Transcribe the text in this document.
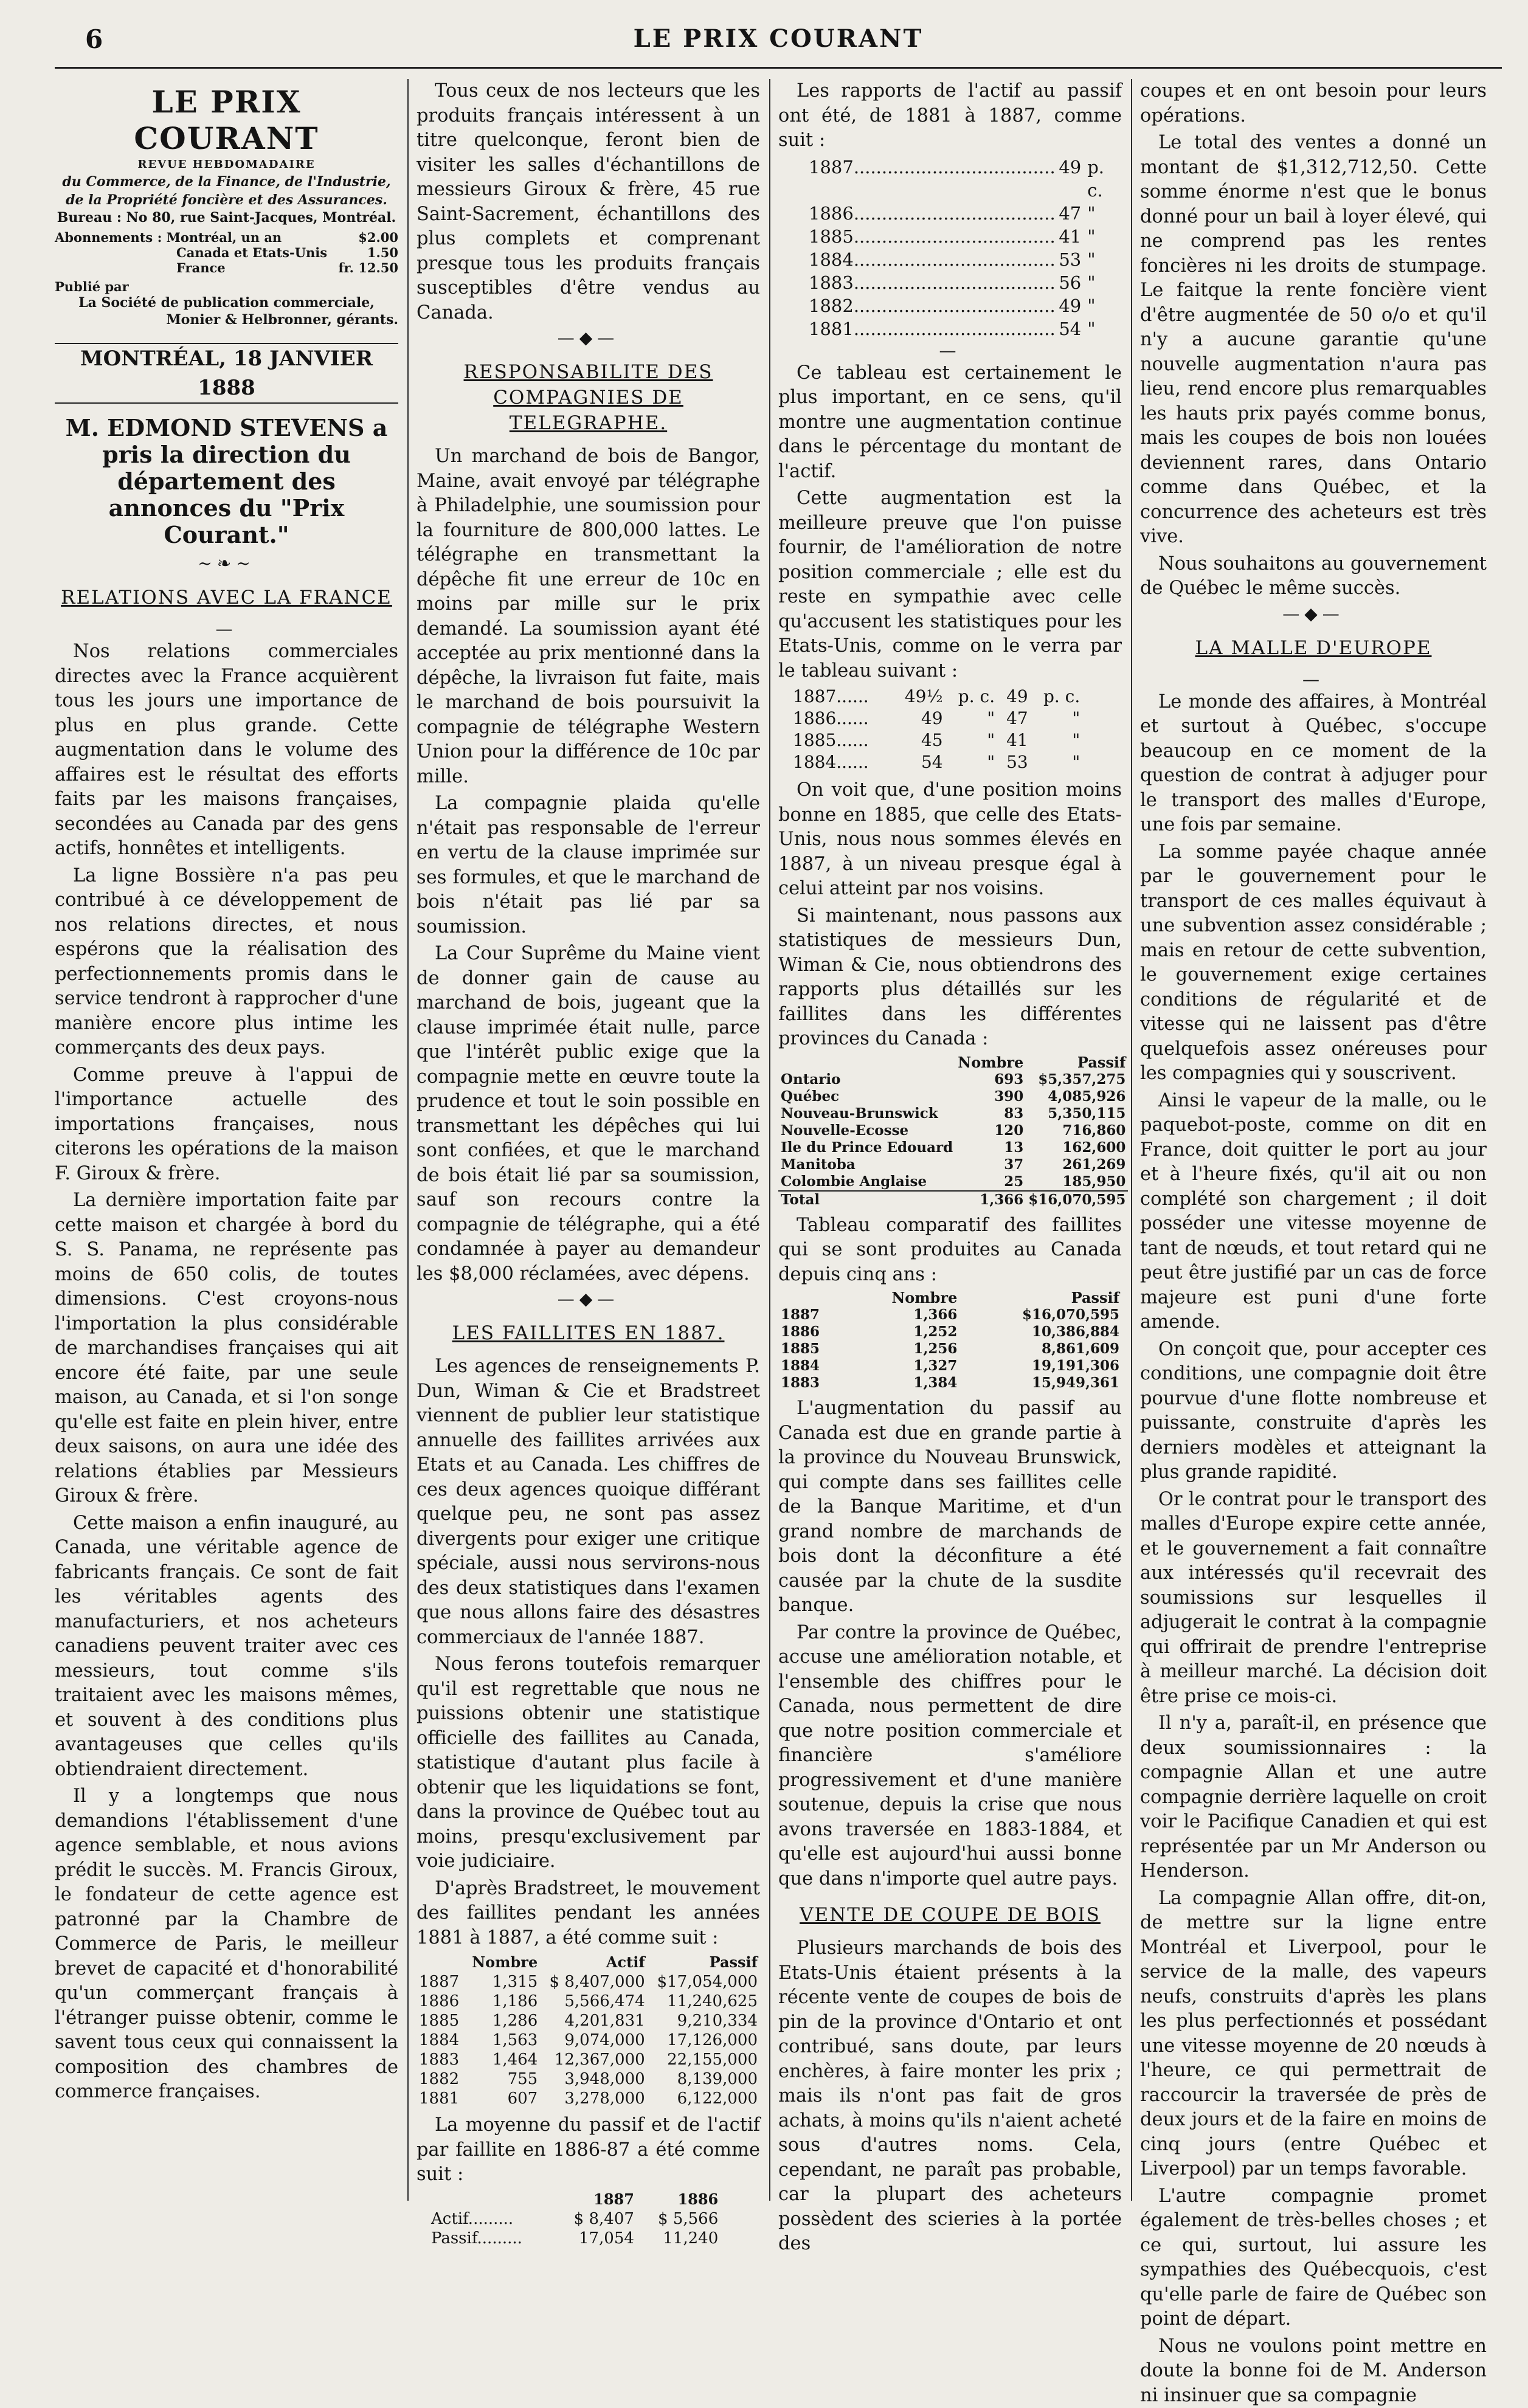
6	LE PRIX COURANT
LE PRIX COURANT
REVUE HEBDOMADAIRE
du Commerce, de la Finance, de l'Industrie, de la Propriété foncière et des Assurances.
Bureau : No 80, rue Saint-Jacques, Montréal.
Abonnements : Montréal, un an	$2.00
Canada et Etats-Unis	1.50
France	fr. 12.50
Publié par
La Société de publication commerciale,
Monier & Helbronner, gérants.
MONTRÉAL, 18 JANVIER 1888
M. EDMOND STEVENS a pris la direction du département des annonces du "Prix Courant."
~❧~
RELATIONS AVEC LA FRANCE
—

Nos relations commerciales directes avec la France acquièrent tous les jours une importance de plus en plus grande. Cette augmentation dans le volume des affaires est le résultat des efforts faits par les maisons françaises, secondées au Canada par des gens actifs, honnêtes et intelligents.

La ligne Bossière n'a pas peu contribué à ce développement de nos relations directes, et nous espérons que la réalisation des perfectionnements promis dans le service tendront à rapprocher d'une manière encore plus intime les commerçants des deux pays.

Comme preuve à l'appui de l'importance actuelle des importations françaises, nous citerons les opérations de la maison F. Giroux & frère.

La dernière importation faite par cette maison et chargée à bord du S. S. Panama, ne représente pas moins de 650 colis, de toutes dimensions. C'est croyons-nous l'importation la plus considérable de marchandises françaises qui ait encore été faite, par une seule maison, au Canada, et si l'on songe qu'elle est faite en plein hiver, entre deux saisons, on aura une idée des relations établies par Messieurs Giroux & frère.

Cette maison a enfin inauguré, au Canada, une véritable agence de fabricants français. Ce sont de fait les véritables agents des manufacturiers, et nos acheteurs canadiens peuvent traiter avec ces messieurs, tout comme s'ils traitaient avec les maisons mêmes, et souvent à des conditions plus avantageuses que celles qu'ils obtiendraient directement.

Il y a longtemps que nous demandions l'établissement d'une agence semblable, et nous avions prédit le succès. M. Francis Giroux, le fondateur de cette agence est patronné par la Chambre de Commerce de Paris, le meilleur brevet de capacité et d'honorabilité qu'un commerçant français à l'étranger puisse obtenir, comme le savent tous ceux qui connaissent la composition des chambres de commerce françaises.

Tous ceux de nos lecteurs que les produits français intéressent à un titre quelconque, feront bien de visiter les salles d'échantillons de messieurs Giroux & frère, 45 rue Saint-Sacrement, échantillons des plus complets et comprenant presque tous les produits français susceptibles d'être vendus au Canada.

—◆—
RESPONSABILITE DES COMPAGNIES DE TELEGRAPHE.

Un marchand de bois de Bangor, Maine, avait envoyé par télégraphe à Philadelphie, une soumission pour la fourniture de 800,000 lattes. Le télégraphe en transmettant la dépêche fit une erreur de 10c en moins par mille sur le prix demandé. La soumission ayant été acceptée au prix mentionné dans la dépêche, la livraison fut faite, mais le marchand de bois poursuivit la compagnie de télégraphe Western Union pour la différence de 10c par mille.

La compagnie plaida qu'elle n'était pas responsable de l'erreur en vertu de la clause imprimée sur ses formules, et que le marchand de bois n'était pas lié par sa soumission.

La Cour Suprême du Maine vient de donner gain de cause au marchand de bois, jugeant que la clause imprimée était nulle, parce que l'intérêt public exige que la compagnie mette en œuvre toute la prudence et tout le soin possible en transmettant les dépêches qui lui sont confiées, et que le marchand de bois était lié par sa soumission, sauf son recours contre la compagnie de télégraphe, qui a été condamnée à payer au demandeur les $8,000 réclamées, avec dépens.

—◆—
LES FAILLITES EN 1887.

Les agences de renseignements P. Dun, Wiman & Cie et Bradstreet viennent de publier leur statistique annuelle des faillites arrivées aux Etats et au Canada. Les chiffres de ces deux agences quoique différant quelque peu, ne sont pas assez divergents pour exiger une critique spéciale, aussi nous servirons-nous des deux statistiques dans l'examen que nous allons faire des désastres commerciaux de l'année 1887.

Nous ferons toutefois remarquer qu'il est regrettable que nous ne puissions obtenir une statistique officielle des faillites au Canada, statistique d'autant plus facile à obtenir que les liquidations se font, dans la province de Québec tout au moins, presqu'exclusivement par voie judiciaire.

D'après Bradstreet, le mouvement des faillites pendant les années 1881 à 1887, a été comme suit :

	Nombre	Actif	Passif
1887	1,315	$ 8,407,000	$17,054,000
1886	1,186	5,566,474	11,240,625
1885	1,286	4,201,831	9,210,334
1884	1,563	9,074,000	17,126,000
1883	1,464	12,367,000	22,155,000
1882	755	3,948,000	8,139,000
1881	607	3,278,000	6,122,000

La moyenne du passif et de l'actif par faillite en 1886-87 a été comme suit :

	1887	1886
Actif.........	$ 8,407	$ 5,566
Passif.........	17,054	11,240

Les rapports de l'actif au passif ont été, de 1881 à 1887, comme suit :

1887 .................................... 49 p. c.
1886 .................................... 47 "
1885 .................................... 41 "
1884 .................................... 53 "
1883 .................................... 56 "
1882 .................................... 49 "
1881 .................................... 54 "
—

Ce tableau est certainement le plus important, en ce sens, qu'il montre une augmentation continue dans le pércentage du montant de l'actif.

Cette augmentation est la meilleure preuve que l'on puisse fournir, de l'amélioration de notre position commerciale ; elle est du reste en sympathie avec celle qu'accusent les statistiques pour les Etats-Unis, comme on le verra par le tableau suivant :

1887......	49½	p. c.	49	p. c.
1886......	49	"	47	"
1885......	45	"	41	"
1884......	54	"	53	"

On voit que, d'une position moins bonne en 1885, que celle des Etats-Unis, nous nous sommes élevés en 1887, à un niveau presque égal à celui atteint par nos voisins.

Si maintenant, nous passons aux statistiques de messieurs Dun, Wiman & Cie, nous obtiendrons des rapports plus détaillés sur les faillites dans les différentes provinces du Canada :

	Nombre	Passif
Ontario	693	$5,357,275
Québec	390	4,085,926
Nouveau-Brunswick	83	5,350,115
Nouvelle-Ecosse	120	716,860
Ile du Prince Edouard	13	162,600
Manitoba	37	261,269
Colombie Anglaise	25	185,950
Total	1,366	$16,070,595

Tableau comparatif des faillites qui se sont produites au Canada depuis cinq ans :

	Nombre	Passif
1887	1,366	$16,070,595
1886	1,252	10,386,884
1885	1,256	8,861,609
1884	1,327	19,191,306
1883	1,384	15,949,361

L'augmentation du passif au Canada est due en grande partie à la province du Nouveau Brunswick, qui compte dans ses faillites celle de la Banque Maritime, et d'un grand nombre de marchands de bois dont la déconfiture a été causée par la chute de la susdite banque.

Par contre la province de Québec, accuse une amélioration notable, et l'ensemble des chiffres pour le Canada, nous permettent de dire que notre position commerciale et financière s'améliore progressivement et d'une manière soutenue, depuis la crise que nous avons traversée en 1883-1884, et qu'elle est aujourd'hui aussi bonne que dans n'importe quel autre pays.

VENTE DE COUPE DE BOIS

Plusieurs marchands de bois des Etats-Unis étaient présents à la récente vente de coupes de bois de pin de la province d'Ontario et ont contribué, sans doute, par leurs enchères, à faire monter les prix ; mais ils n'ont pas fait de gros achats, à moins qu'ils n'aient acheté sous d'autres noms. Cela, cependant, ne paraît pas probable, car la plupart des acheteurs possèdent des scieries à la portée des

coupes et en ont besoin pour leurs opérations.

Le total des ventes a donné un montant de $1,312,712,50. Cette somme énorme n'est que le bonus donné pour un bail à loyer élevé, qui ne comprend pas les rentes foncières ni les droits de stumpage. Le faitque la rente foncière vient d'être augmentée de 50 o/o et qu'il n'y a aucune garantie qu'une nouvelle augmentation n'aura pas lieu, rend encore plus remarquables les hauts prix payés comme bonus, mais les coupes de bois non louées deviennent rares, dans Ontario comme dans Québec, et la concurrence des acheteurs est très vive.

Nous souhaitons au gouvernement de Québec le même succès.

—◆—
LA MALLE D'EUROPE
—

Le monde des affaires, à Montréal et surtout à Québec, s'occupe beaucoup en ce moment de la question de contrat à adjuger pour le transport des malles d'Europe, une fois par semaine.

La somme payée chaque année par le gouvernement pour le transport de ces malles équivaut à une subvention assez considérable ; mais en retour de cette subvention, le gouvernement exige certaines conditions de régularité et de vitesse qui ne laissent pas d'être quelquefois assez onéreuses pour les compagnies qui y souscrivent.

Ainsi le vapeur de la malle, ou le paquebot-poste, comme on dit en France, doit quitter le port au jour et à l'heure fixés, qu'il ait ou non complété son chargement ; il doit posséder une vitesse moyenne de tant de nœuds, et tout retard qui ne peut être justifié par un cas de force majeure est puni d'une forte amende.

On conçoit que, pour accepter ces conditions, une compagnie doit être pourvue d'une flotte nombreuse et puissante, construite d'après les derniers modèles et atteignant la plus grande rapidité.

Or le contrat pour le transport des malles d'Europe expire cette année, et le gouvernement a fait connaître aux intéressés qu'il recevrait des soumissions sur lesquelles il adjugerait le contrat à la compagnie qui offrirait de prendre l'entreprise à meilleur marché. La décision doit être prise ce mois-ci.

Il n'y a, paraît-il, en présence que deux soumissionnaires : la compagnie Allan et une autre compagnie derrière laquelle on croit voir le Pacifique Canadien et qui est représentée par un Mr Anderson ou Henderson.

La compagnie Allan offre, dit-on, de mettre sur la ligne entre Montréal et Liverpool, pour le service de la malle, des vapeurs neufs, construits d'après les plans les plus perfectionnés et possédant une vitesse moyenne de 20 nœuds à l'heure, ce qui permettrait de raccourcir la traversée de près de deux jours et de la faire en moins de cinq jours (entre Québec et Liverpool) par un temps favorable.

L'autre compagnie promet également de très-belles choses ; et ce qui, surtout, lui assure les sympathies des Québecquois, c'est qu'elle parle de faire de Québec son point de départ.

Nous ne voulons point mettre en doute la bonne foi de M. Anderson ni insinuer que sa compagnie
